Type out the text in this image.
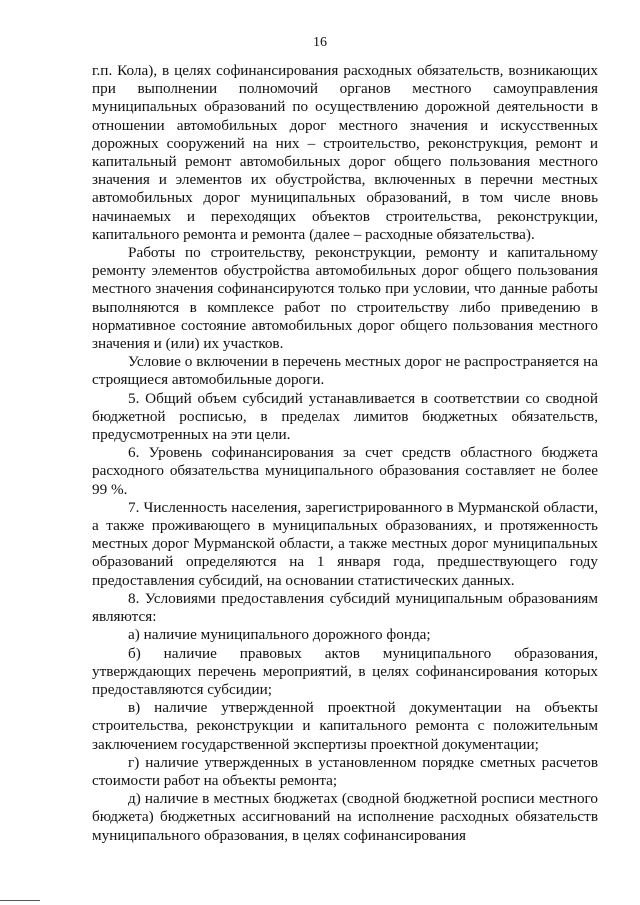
16

г.п. Кола), в целях софинансирования расходных обязательств, возникающих при выполнении полномочий органов местного самоуправления муниципальных образований по осуществлению дорожной деятельности в отношении автомобильных дорог местного значения и искусственных дорожных сооружений на них – строительство, реконструкция, ремонт и капитальный ремонт автомобильных дорог общего пользования местного значения и элементов их обустройства, включенных в перечни местных автомобильных дорог муниципальных образований, в том числе вновь начинаемых и переходящих объектов строительства, реконструкции, капитального ремонта и ремонта (далее – расходные обязательства).

Работы по строительству, реконструкции, ремонту и капитальному ремонту элементов обустройства автомобильных дорог общего пользования местного значения софинансируются только при условии, что данные работы выполняются в комплексе работ по строительству либо приведению в нормативное состояние автомобильных дорог общего пользования местного значения и (или) их участков.

Условие о включении в перечень местных дорог не распространяется на строящиеся автомобильные дороги.

5. Общий объем субсидий устанавливается в соответствии со сводной бюджетной росписью, в пределах лимитов бюджетных обязательств, предусмотренных на эти цели.

6. Уровень софинансирования за счет средств областного бюджета расходного обязательства муниципального образования составляет не более 99 %.

7. Численность населения, зарегистрированного в Мурманской области, а также проживающего в муниципальных образованиях, и протяженность местных дорог Мурманской области, а также местных дорог муниципальных образований определяются на 1 января года, предшествующего году предоставления субсидий, на основании статистических данных.

8. Условиями предоставления субсидий муниципальным образованиям являются:

а) наличие муниципального дорожного фонда;

б) наличие правовых актов муниципального образования, утверждающих перечень мероприятий, в целях софинансирования которых предоставляются субсидии;

в) наличие утвержденной проектной документации на объекты строительства, реконструкции и капитального ремонта с положительным заключением государственной экспертизы проектной документации;

г) наличие утвержденных в установленном порядке сметных расчетов стоимости работ на объекты ремонта;

д) наличие в местных бюджетах (сводной бюджетной росписи местного бюджета) бюджетных ассигнований на исполнение расходных обязательств муниципального образования, в целях софинансирования
